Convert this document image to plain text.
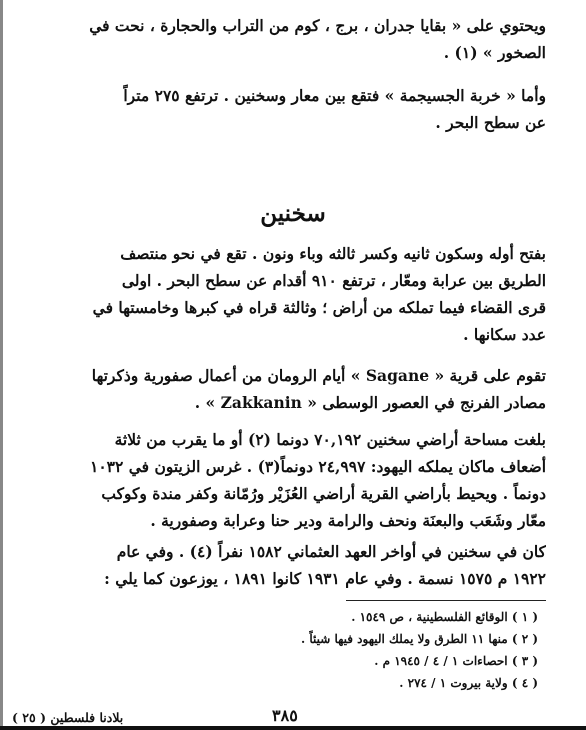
ويحتوي على « بقايا جدران ، برج ، كوم من التراب والحجارة ، نحت في
الصخور » (١) .
وأما « خربة الجسيجمة » فتقع بين معار وسخنين . ترتفع ٢٧٥ متراً
عن سطح البحر .
سخنين
بفتح أوله وسكون ثانيه وكسر ثالثه وباء ونون . تقع في نحو منتصف
الطريق بين عرابة ومعّار ، ترتفع ٩١٠ أقدام عن سطح البحر . اولى
قرى القضاء فيما تملكه من أراض ؛ وثالثة قراه في كبرها وخامستها في
عدد سكانها .
تقوم على قرية « Sagane » أيام الرومان من أعمال صفورية وذكرتها
مصادر الفرنج في العصور الوسطى « Zakkanin » .
بلغت مساحة أراضي سخنين ٧٠,١٩٢ دونما (٢) أو ما يقرب من ثلاثة
أضعاف ماكان يملكه اليهود: ٢٤,٩٩٧ دونماً(٣) . غرس الزيتون في ١٠٣٢
دونماً . ويحيط بأراضي القرية أراضي العُزَيْر ورُمّانة وكفر مندة وكوكب
معّار وشَعَب والبعنَة ونحف والرامة ودير حنا وعرابة وصفورية .
كان في سخنين في أواخر العهد العثماني ١٥٨٢ نفراً (٤) . وفي عام
١٩٢٢ م ١٥٧٥ نسمة . وفي عام ١٩٣١ كانوا ١٨٩١ ، يوزعون كما يلي :
( ١ ) الوقائع الفلسطينية ، ص ١٥٤٩ .
( ٢ ) منها ١١ الطرق ولا يملك اليهود فيها شيئاً .
( ٣ ) احصاءات ١ / ٤ / ١٩٤٥ م .
( ٤ ) ولاية بيروت ١ / ٢٧٤ .
٣٨٥
بلادنا فلسطين ( ٢٥ )
